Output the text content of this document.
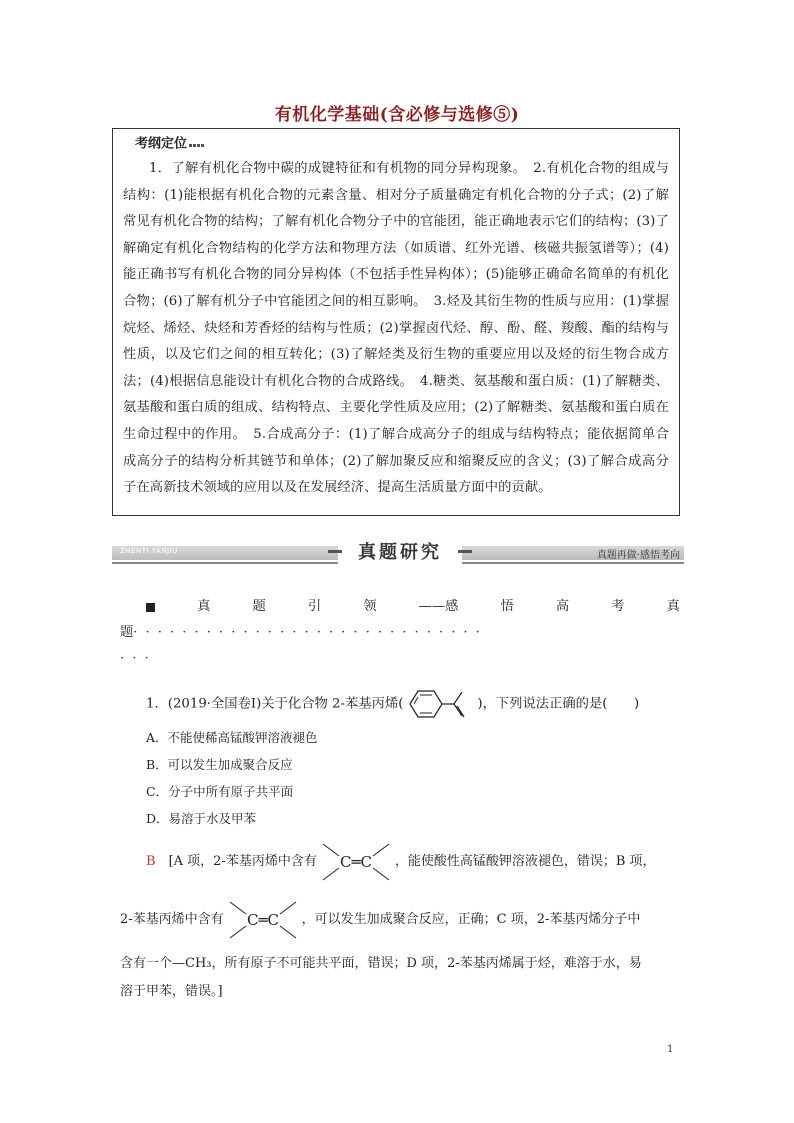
有机化学基础(含必修与选修⑤)
考纲定位
1．了解有机化合物中碳的成键特征和有机物的同分异构现象。　2.有机化合物的组成与结构：(1)能根据有机化合物的元素含量、相对分子质量确定有机化合物的分子式；(2)了解常见有机化合物的结构；了解有机化合物分子中的官能团，能正确地表示它们的结构；(3)了解确定有机化合物结构的化学方法和物理方法（如质谱、红外光谱、核磁共振氢谱等）；(4)能正确书写有机化合物的同分异构体（不包括手性异构体）；(5)能够正确命名简单的有机化合物；(6)了解有机分子中官能团之间的相互影响。　3.烃及其衍生物的性质与应用：(1)掌握烷烃、烯烃、炔烃和芳香烃的结构与性质；(2)掌握卤代烃、醇、酚、醛、羧酸、酯的结构与性质，以及它们之间的相互转化；(3)了解烃类及衍生物的重要应用以及烃的衍生物合成方法；(4)根据信息能设计有机化合物的合成路线。　4.糖类、氨基酸和蛋白质：(1)了解糖类、氨基酸和蛋白质的组成、结构特点、主要化学性质及应用；(2)了解糖类、氨基酸和蛋白质在生命过程中的作用。　5.合成高分子：(1)了解合成高分子的组成与结构特点；能依据简单合成高分子的结构分析其链节和单体；(2)了解加聚反应和缩聚反应的含义；(3)了解合成高分子在高新技术领域的应用以及在发展经济、提高生活质量方面中的贡献。
ZHENTI YANJIU	真题研究	真题再做·感悟考向
真	题	引	领	——感	悟	高	考	真
题·····························
···
1．(2019·全国卷Ⅰ)关于化合物 2-苯基丙烯(	)，下列说法正确的是(　　)
A．不能使稀高锰酸钾溶液褪色
B．可以发生加成聚合反应
C．分子中所有原子共平面
D．易溶于水及甲苯
B　 [A 项，2-苯基丙烯中含有 C═C ，能使酸性高锰酸钾溶液褪色，错误；B 项，
2-苯基丙烯中含有 C═C ，可以发生加成聚合反应，正确；C 项，2-苯基丙烯分子中
含有一个—CH₃，所有原子不可能共平面，错误；D 项，2-苯基丙烯属于烃，难溶于水，易
溶于甲苯，错误。]
1
